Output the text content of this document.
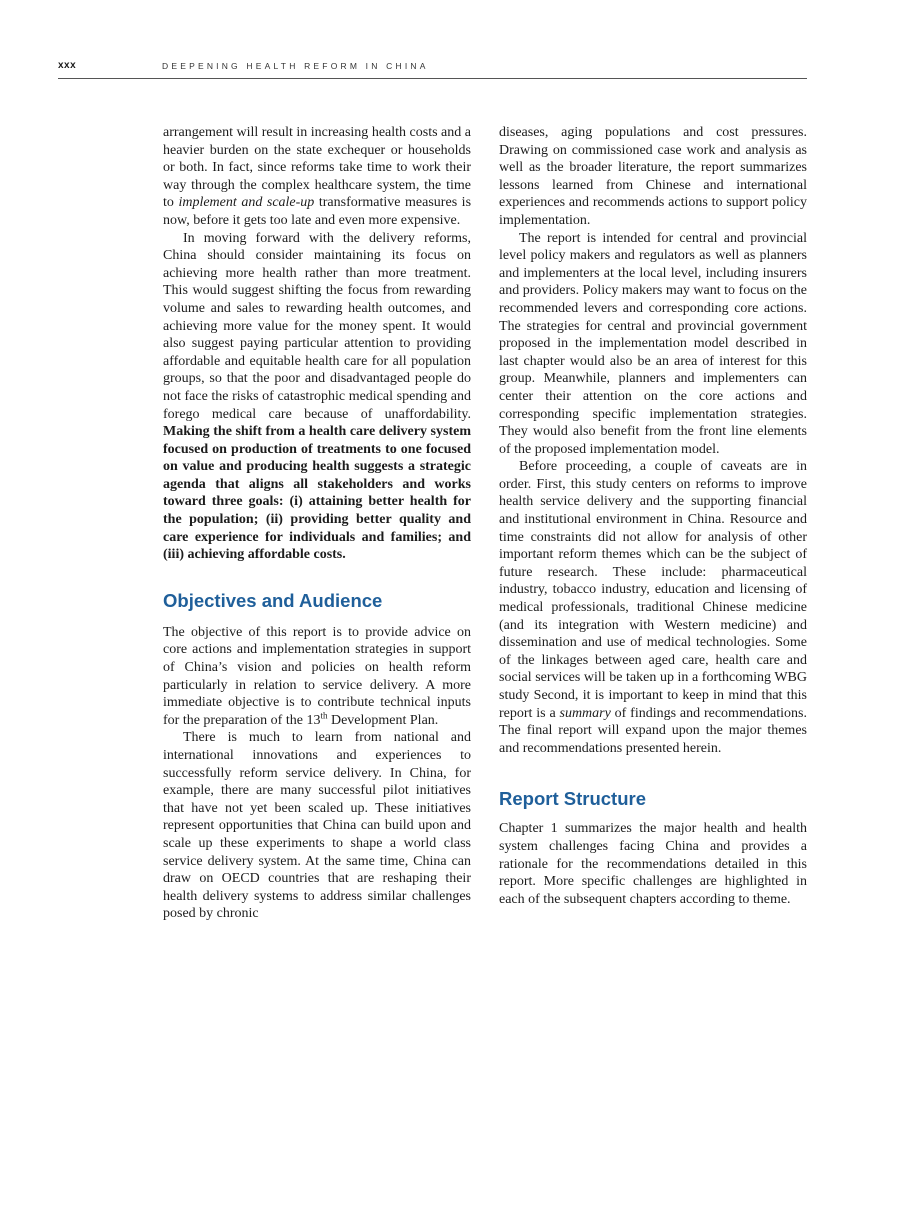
xxx	DEEPENING HEALTH REFORM IN CHINA

arrangement will result in increasing health costs and a heavier burden on the state exchequer or households or both. In fact, since reforms take time to work their way through the complex healthcare system, the time to implement and scale-up transformative measures is now, before it gets too late and even more expensive.

In moving forward with the delivery reforms, China should consider maintaining its focus on achieving more health rather than more treatment. This would suggest shifting the focus from rewarding volume and sales to rewarding health outcomes, and achieving more value for the money spent. It would also suggest paying particular attention to providing affordable and equitable health care for all population groups, so that the poor and disadvantaged people do not face the risks of catastrophic medical spending and forego medical care because of unaffordability. Making the shift from a health care delivery system focused on production of treatments to one focused on value and producing health suggests a strategic agenda that aligns all stakeholders and works toward three goals: (i) attaining better health for the population; (ii) providing better quality and care experience for individuals and families; and (iii) achieving affordable costs.

Objectives and Audience

The objective of this report is to provide advice on core actions and implementation strategies in support of China’s vision and policies on health reform particularly in relation to service delivery. A more immediate objective is to contribute technical inputs for the preparation of the 13th Development Plan.

There is much to learn from national and international innovations and experiences to successfully reform service delivery. In China, for example, there are many successful pilot initiatives that have not yet been scaled up. These initiatives represent opportunities that China can build upon and scale up these experiments to shape a world class service delivery system. At the same time, China can draw on OECD countries that are reshaping their health delivery systems to address similar challenges posed by chronic

diseases, aging populations and cost pressures. Drawing on commissioned case work and analysis as well as the broader literature, the report summarizes lessons learned from Chinese and international experiences and recommends actions to support policy implementation.

The report is intended for central and provincial level policy makers and regulators as well as planners and implementers at the local level, including insurers and providers. Policy makers may want to focus on the recommended levers and corresponding core actions. The strategies for central and provincial government proposed in the implementation model described in last chapter would also be an area of interest for this group. Meanwhile, planners and implementers can center their attention on the core actions and corresponding specific implementation strategies. They would also benefit from the front line elements of the proposed implementation model.

Before proceeding, a couple of caveats are in order. First, this study centers on reforms to improve health service delivery and the supporting financial and institutional environment in China. Resource and time constraints did not allow for analysis of other important reform themes which can be the subject of future research. These include: pharmaceutical industry, tobacco industry, education and licensing of medical professionals, traditional Chinese medicine (and its integration with Western medicine) and dissemination and use of medical technologies. Some of the linkages between aged care, health care and social services will be taken up in a forthcoming WBG study Second, it is important to keep in mind that this report is a summary of findings and recommendations. The final report will expand upon the major themes and recommendations presented herein.

Report Structure

Chapter 1 summarizes the major health and health system challenges facing China and provides a rationale for the recommendations detailed in this report. More specific challenges are highlighted in each of the subsequent chapters according to theme.
